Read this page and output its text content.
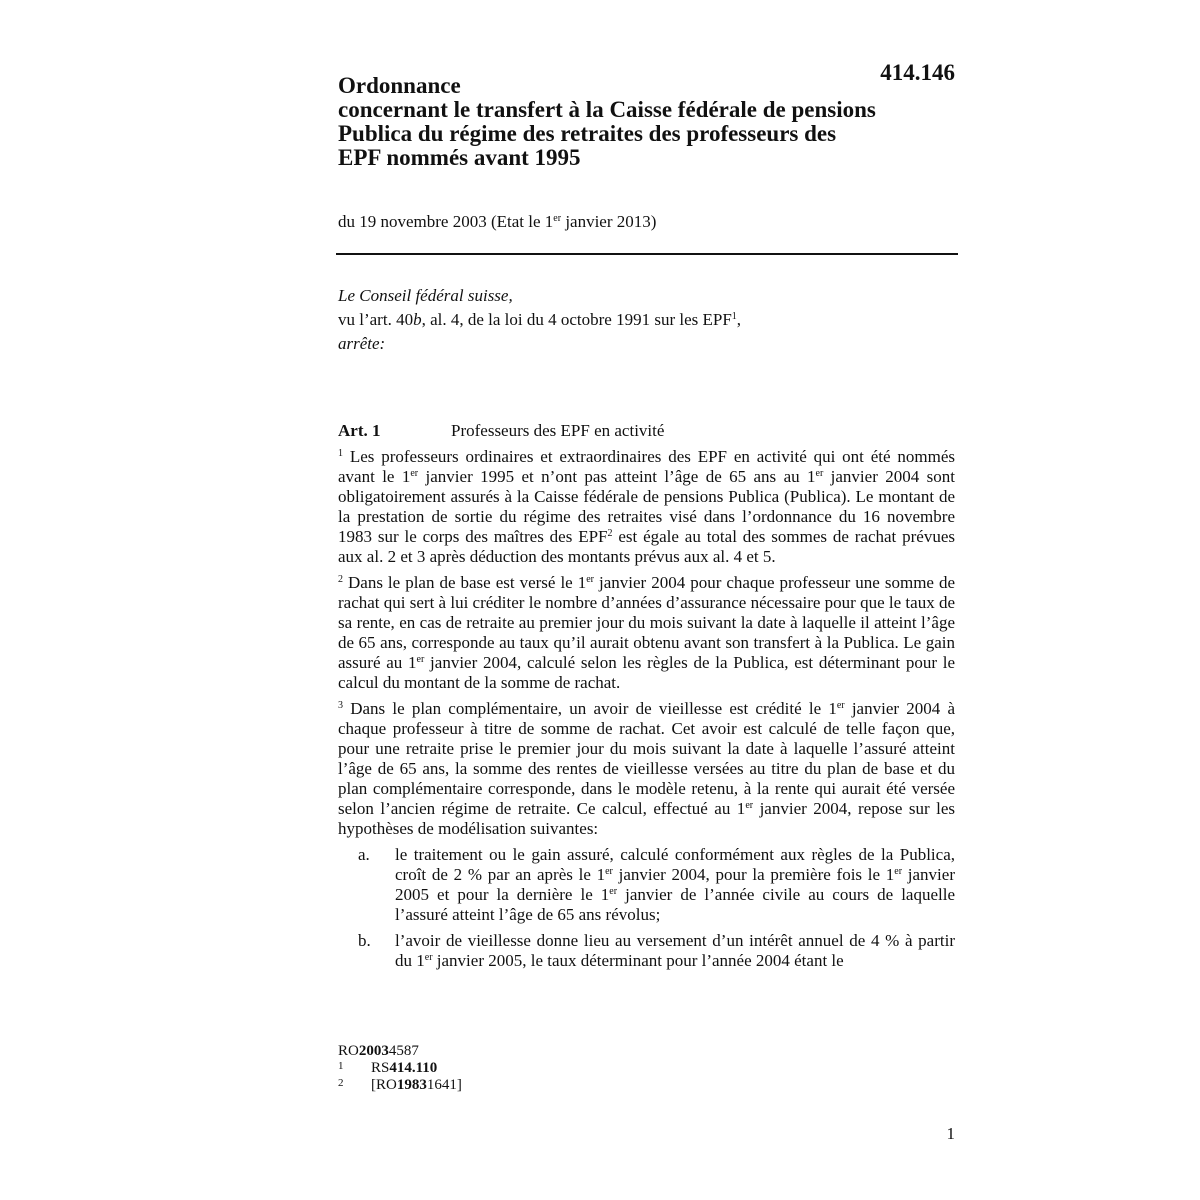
414.146
Ordonnance
concernant le transfert à la Caisse fédérale de pensions
Publica du régime des retraites des professeurs des
EPF nommés avant 1995
du 19 novembre 2003 (Etat le 1er janvier 2013)
Le Conseil fédéral suisse,
vu l’art. 40b, al. 4, de la loi du 4 octobre 1991 sur les EPF$^1$,
arrête:
Art. 1	Professeurs des EPF en activité

$^1$ Les professeurs ordinaires et extraordinaires des EPF en activité qui ont été nommés avant le 1er janvier 1995 et n’ont pas atteint l’âge de 65 ans au 1er janvier 2004 sont obligatoirement assurés à la Caisse fédérale de pensions Publica (Publica). Le montant de la prestation de sortie du régime des retraites visé dans l’ordonnance du 16 novembre 1983 sur le corps des maîtres des EPF$^2$ est égale au total des sommes de rachat prévues aux al. 2 et 3 après déduction des montants prévus aux al. 4 et 5.

$^2$ Dans le plan de base est versé le 1er janvier 2004 pour chaque professeur une somme de rachat qui sert à lui créditer le nombre d’années d’assurance nécessaire pour que le taux de sa rente, en cas de retraite au premier jour du mois suivant la date à laquelle il atteint l’âge de 65 ans, corresponde au taux qu’il aurait obtenu avant son transfert à la Publica. Le gain assuré au 1er janvier 2004, calculé selon les règles de la Publica, est déterminant pour le calcul du montant de la somme de rachat.

$^3$ Dans le plan complémentaire, un avoir de vieillesse est crédité le 1er janvier 2004 à chaque professeur à titre de somme de rachat. Cet avoir est calculé de telle façon que, pour une retraite prise le premier jour du mois suivant la date à laquelle l’assuré atteint l’âge de 65 ans, la somme des rentes de vieillesse versées au titre du plan de base et du plan complémentaire corresponde, dans le modèle retenu, à la rente qui aurait été versée selon l’ancien régime de retraite. Ce calcul, effectué au 1er janvier 2004, repose sur les hypothèses de modélisation suivantes:

a.	le traitement ou le gain assuré, calculé conformément aux règles de la Publica, croît de 2 % par an après le 1er janvier 2004, pour la première fois le 1er janvier 2005 et pour la dernière le 1er janvier de l’année civile au cours de laquelle l’assuré atteint l’âge de 65 ans révolus;
b.	l’avoir de vieillesse donne lieu au versement d’un intérêt annuel de 4 % à partir du 1er janvier 2005, le taux déterminant pour l’année 2004 étant le
RO 2003 4587
1	RS 414.110
2	[RO 1983 1641]
1
